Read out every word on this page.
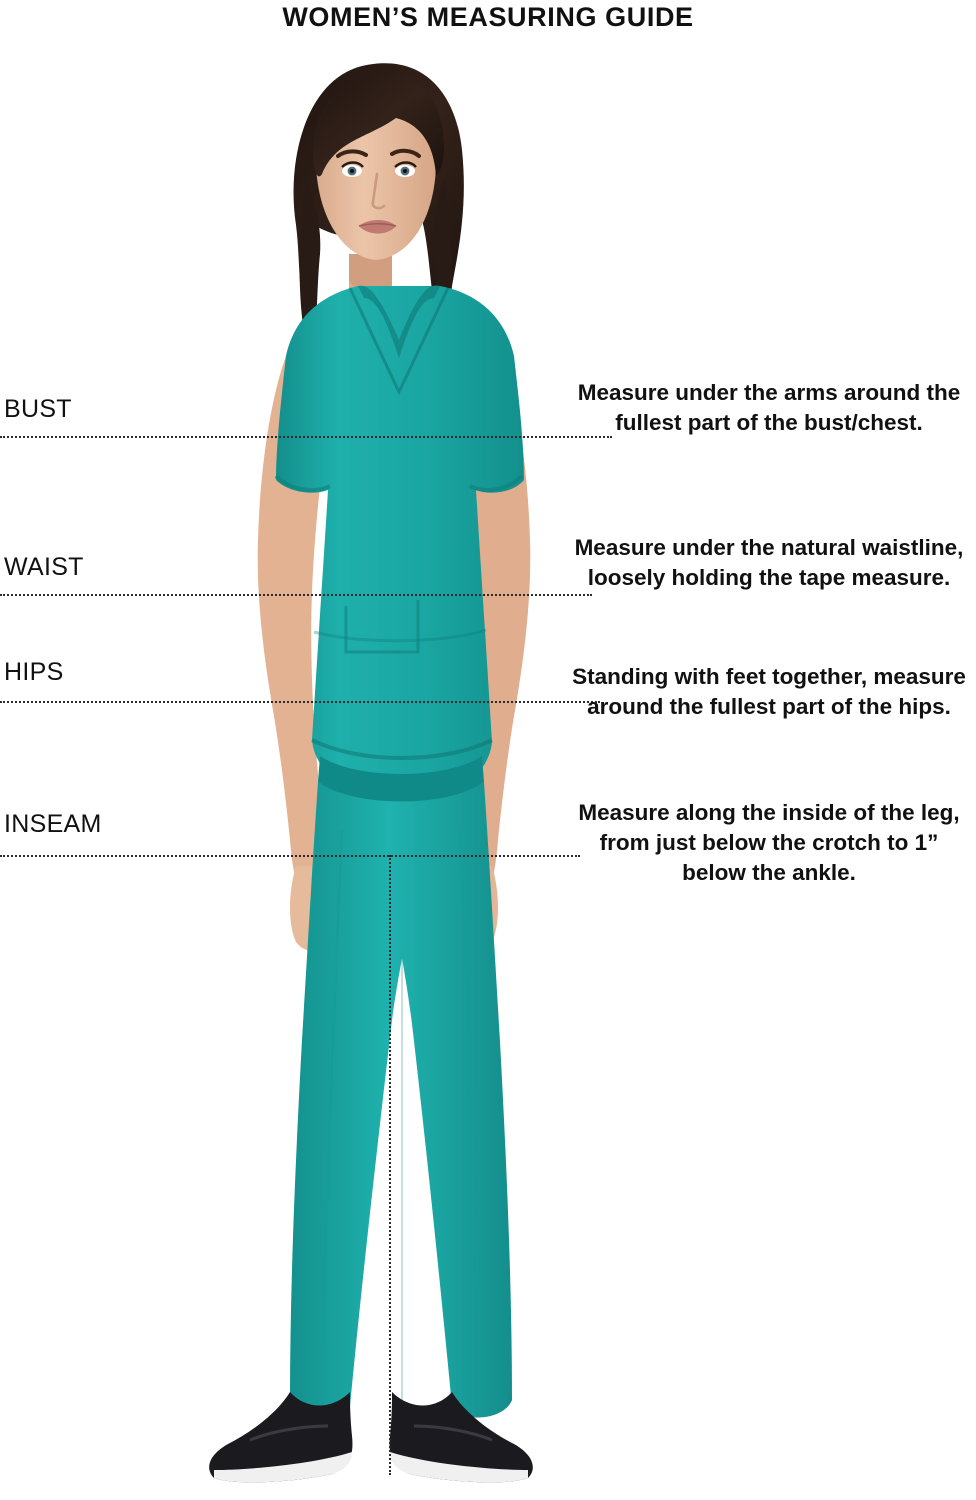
WOMEN’S MEASURING GUIDE
BUST
WAIST
HIPS
INSEAM
Measure under the arms around the fullest part of the bust/chest.
Measure under the natural waistline, loosely holding the tape measure.
Standing with feet together, measure around the fullest part of the hips.
Measure along the inside of the leg, from just below the crotch to 1” below the ankle.
